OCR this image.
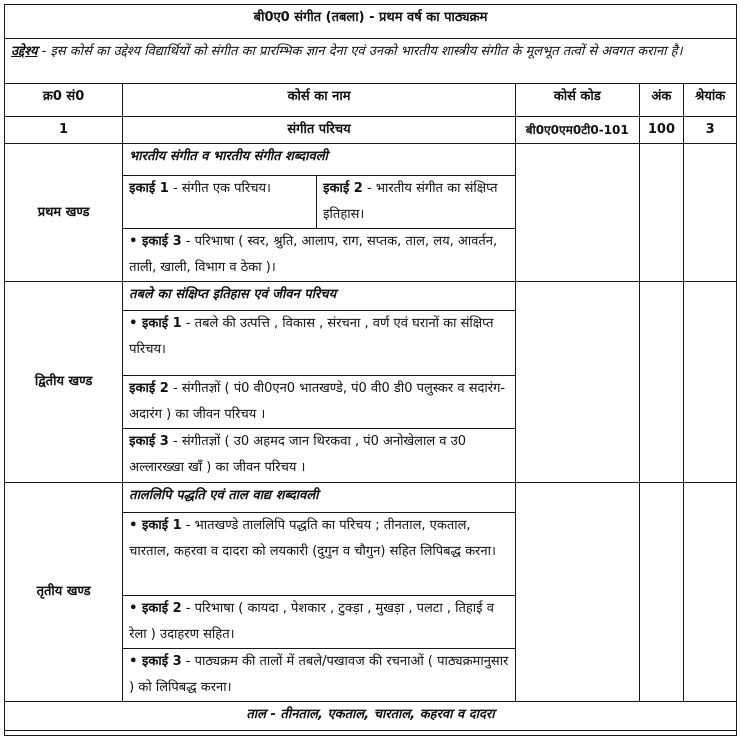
बी0ए0 संगीत (तबला) - प्रथम वर्ष का पाठ्यक्रम				
उद्देश्य - इस कोर्स का उद्देश्य विद्यार्थियों को संगीत का प्रारम्भिक ज्ञान देना एवं उनको भारतीय शास्त्रीय संगीत के मूलभूत तत्वों से अवगत कराना है।				
क्र0 सं0	कोर्स का नाम	कोर्स कोड	अंक	श्रेयांक
1	संगीत परिचय	बी0ए0एम0टी0-101	100	3
प्रथम खण्ड	भारतीय संगीत व भारतीय संगीत शब्दावली			

	इकाई 1 - संगीत एक परिचय। इकाई 2 - भारतीय संगीत का संक्षिप्त इतिहास।			

	• इकाई 3 - परिभाषा ( स्वर, श्रुति, आलाप, राग, सप्तक, ताल, लय, आवर्तन, ताली, खाली, विभाग व ठेका )।			
द्वितीय खण्ड	तबले का संक्षिप्त इतिहास एवं जीवन परिचय			
	• इकाई 1 - तबले की उत्पत्ति , विकास , संरचना , वर्ण एवं घरानों का संक्षिप्त परिचय।			
	इकाई 2 - संगीतज्ञों ( पं0 वी0एन0 भातखण्डे, पं0 वी0 डी0 पलुस्कर व सदारंग-अदारंग ) का जीवन परिचय ।			
	इकाई 3 - संगीतज्ञों ( उ0 अहमद जान थिरकवा , पं0 अनोखेलाल व उ0 अल्लारख्खा खॉं ) का जीवन परिचय ।			
तृतीय खण्ड	ताललिपि पद्धति एवं ताल वाद्य शब्दावली			
	• इकाई 1 - भातखण्डे ताललिपि पद्धति का परिचय ; तीनताल, एकताल, चारताल, कहरवा व दादरा को लयकारी (दुगुन व चौगुन) सहित लिपिबद्ध करना।			
	• इकाई 2 - परिभाषा ( कायदा , पेशकार , टुक्ड़ा , मुखड़ा , पलटा , तिहाई व रेला ) उदाहरण सहित।			
	• इकाई 3 - पाठ्यक्रम की तालों में तबले/पखावज की रचनाओं ( पाठ्यक्रमानुसार ) को लिपिबद्ध करना।			
ताल - तीनताल, एकताल, चारताल, कहरवा व दादरा				
